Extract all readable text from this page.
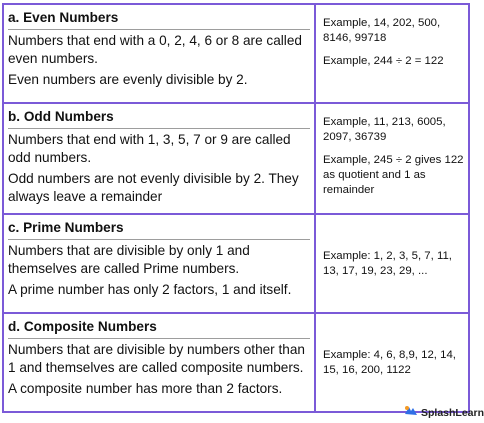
a. Even Numbers

Numbers that end with a 0, 2, 4, 6 or 8 are called even numbers.

Even numbers are evenly divisible by 2.

Example, 14, 202, 500, 8146, 99718

Example, 244 ÷ 2 = 122

b. Odd Numbers

Numbers that end with 1, 3, 5, 7 or 9 are called odd numbers.

Odd numbers are not evenly divisible by 2. They always leave a remainder

Example, 11, 213, 6005, 2097, 36739

Example, 245 ÷ 2 gives 122 as quotient and 1 as remainder

c. Prime Numbers

Numbers that are divisible by only 1 and themselves are called Prime numbers.

A prime number has only 2 factors, 1 and itself.

Example: 1, 2, 3, 5, 7, 11, 13, 17, 19, 23, 29, ...

d. Composite Numbers

Numbers that are divisible by numbers other than 1 and themselves are called composite numbers.

A composite number has more than 2 factors.

Example: 4, 6, 8,9, 12, 14, 15, 16, 200, 1122

SplashLearn
